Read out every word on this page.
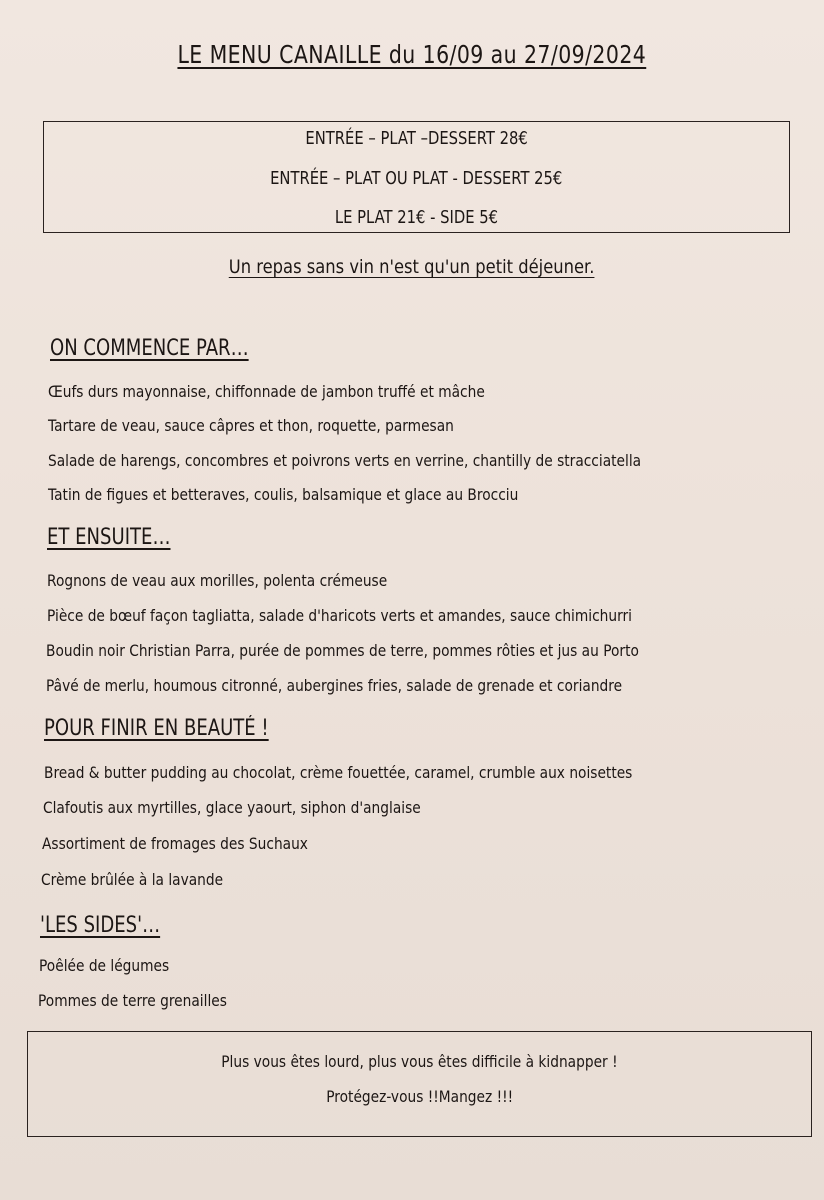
LE MENU CANAILLE du 16/09 au 27/09/2024
ENTRÉE – PLAT –DESSERT 28€
ENTRÉE – PLAT OU PLAT - DESSERT 25€
LE PLAT 21€ - SIDE 5€
Un repas sans vin n'est qu'un petit déjeuner.
ON COMMENCE PAR…
Œufs durs mayonnaise, chiffonnade de jambon truffé et mâche
Tartare de veau, sauce câpres et thon, roquette, parmesan
Salade de harengs, concombres et poivrons verts en verrine, chantilly de stracciatella
Tatin de figues et betteraves, coulis, balsamique et glace au Brocciu
ET ENSUITE…
Rognons de veau aux morilles, polenta crémeuse
Pièce de bœuf façon tagliatta, salade d'haricots verts et amandes, sauce chimichurri
Boudin noir Christian Parra, purée de pommes de terre, pommes rôties et jus au Porto
Pâvé de merlu, houmous citronné, aubergines fries, salade de grenade et coriandre
POUR FINIR EN BEAUTÉ !
Bread & butter pudding au chocolat, crème fouettée, caramel, crumble aux noisettes
Clafoutis aux myrtilles, glace yaourt, siphon d'anglaise
Assortiment de fromages des Suchaux
Crème brûlée à la lavande
'LES SIDES'…
Poêlée de légumes
Pommes de terre grenailles
Plus vous êtes lourd, plus vous êtes difficile à kidnapper !
Protégez-vous !!Mangez !!!
